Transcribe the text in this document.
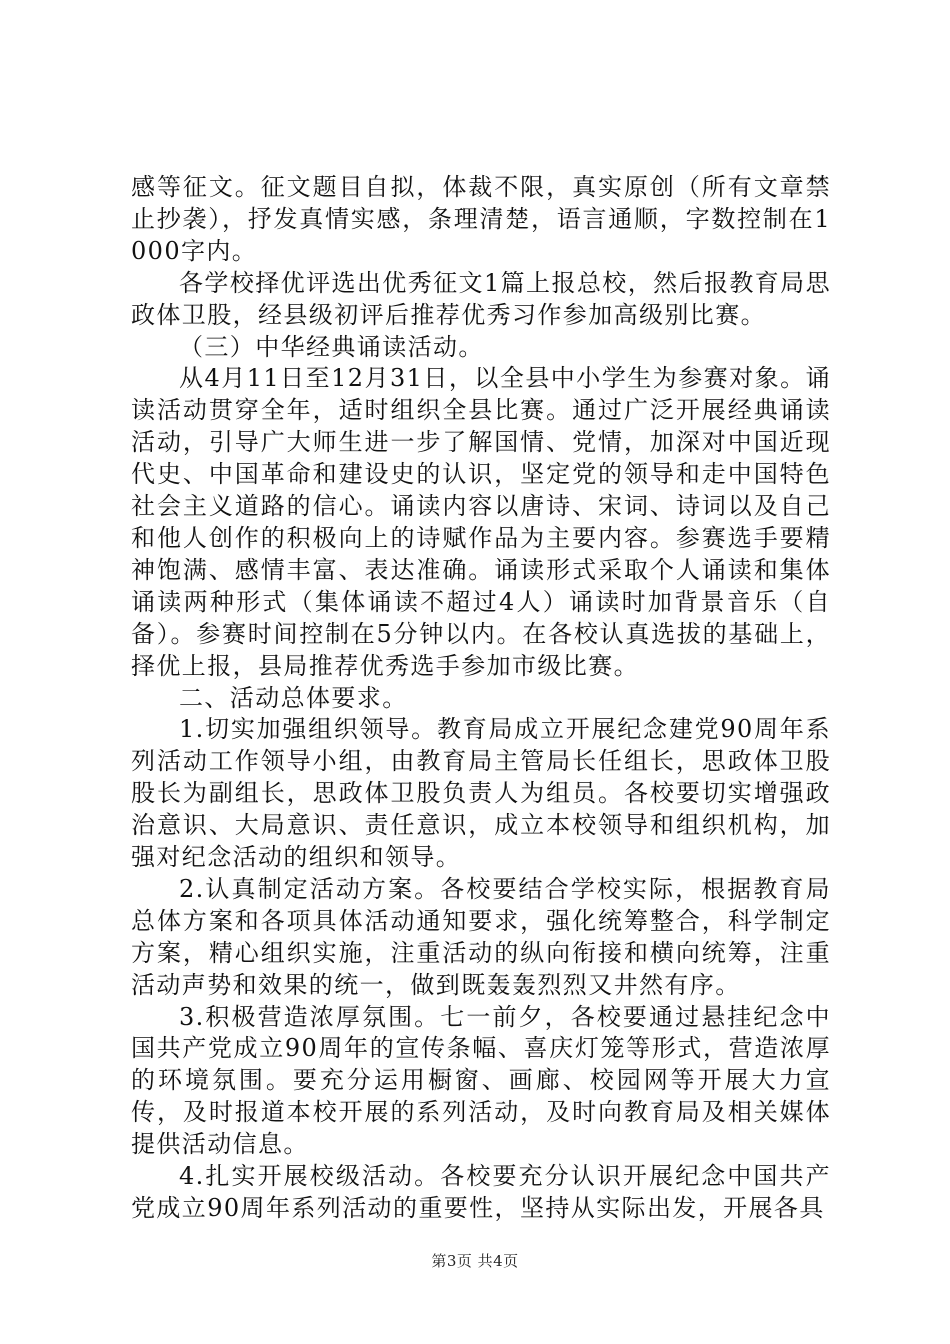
感等征文。征文题目自拟，体裁不限，真实原创（所有文章禁止抄袭），抒发真情实感，条理清楚，语言通顺，字数控制在1000字内。

各学校择优评选出优秀征文1篇上报总校，然后报教育局思政体卫股，经县级初评后推荐优秀习作参加高级别比赛。

（三）中华经典诵读活动。

从4月11日至12月31日，以全县中小学生为参赛对象。诵读活动贯穿全年，适时组织全县比赛。通过广泛开展经典诵读活动，引导广大师生进一步了解国情、党情，加深对中国近现代史、中国革命和建设史的认识，坚定党的领导和走中国特色社会主义道路的信心。诵读内容以唐诗、宋词、诗词以及自己和他人创作的积极向上的诗赋作品为主要内容。参赛选手要精神饱满、感情丰富、表达准确。诵读形式采取个人诵读和集体诵读两种形式（集体诵读不超过4人）诵读时加背景音乐（自备）。参赛时间控制在5分钟以内。在各校认真选拔的基础上，择优上报，县局推荐优秀选手参加市级比赛。

二、活动总体要求。

1.切实加强组织领导。教育局成立开展纪念建党90周年系列活动工作领导小组，由教育局主管局长任组长，思政体卫股股长为副组长，思政体卫股负责人为组员。各校要切实增强政治意识、大局意识、责任意识，成立本校领导和组织机构，加强对纪念活动的组织和领导。

2.认真制定活动方案。各校要结合学校实际，根据教育局总体方案和各项具体活动通知要求，强化统筹整合，科学制定方案，精心组织实施，注重活动的纵向衔接和横向统筹，注重活动声势和效果的统一，做到既轰轰烈烈又井然有序。

3.积极营造浓厚氛围。七一前夕，各校要通过悬挂纪念中国共产党成立90周年的宣传条幅、喜庆灯笼等形式，营造浓厚的环境氛围。要充分运用橱窗、画廊、校园网等开展大力宣传，及时报道本校开展的系列活动，及时向教育局及相关媒体提供活动信息。

4.扎实开展校级活动。各校要充分认识开展纪念中国共产党成立90周年系列活动的重要性，坚持从实际出发，开展各具

第3页 共4页
